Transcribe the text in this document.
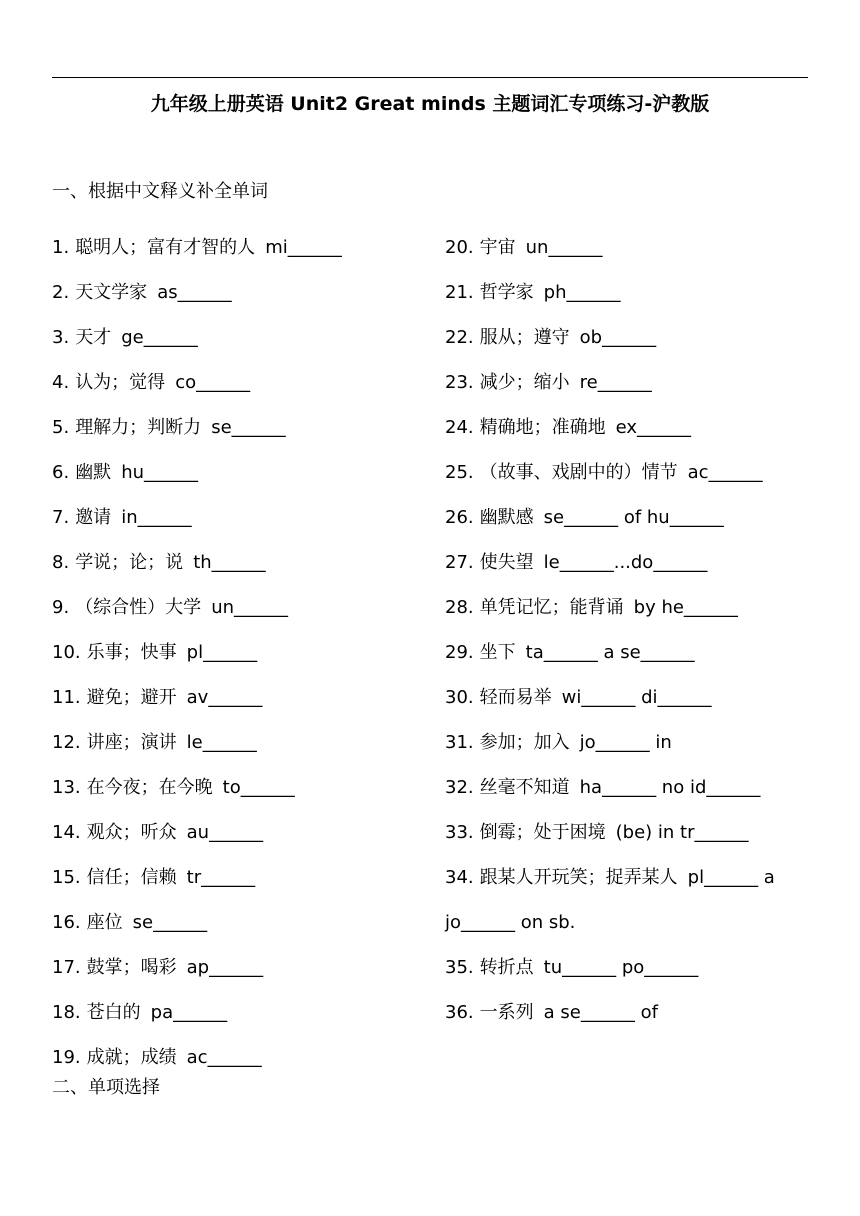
九年级上册英语 Unit2 Great minds 主题词汇专项练习-沪教版
一、根据中文释义补全单词
1. 聪明人；富有才智的人 mi______
2. 天文学家 as______
3. 天才 ge______
4. 认为；觉得 co______
5. 理解力；判断力 se______
6. 幽默 hu______
7. 邀请 in______
8. 学说；论；说 th______
9. （综合性）大学 un______
10. 乐事；快事 pl______
11. 避免；避开 av______
12. 讲座；演讲 le______
13. 在今夜；在今晚 to______
14. 观众；听众 au______
15. 信任；信赖 tr______
16. 座位 se______
17. 鼓掌；喝彩 ap______
18. 苍白的 pa______
19. 成就；成绩 ac______
20. 宇宙 un______
21. 哲学家 ph______
22. 服从；遵守 ob______
23. 减少；缩小 re______
24. 精确地；准确地 ex______
25. （故事、戏剧中的）情节 ac______
26. 幽默感 se______ of hu______
27. 使失望 le______...do______
28. 单凭记忆；能背诵 by he______
29. 坐下 ta______ a se______
30. 轻而易举 wi______ di______
31. 参加；加入 jo______ in
32. 丝毫不知道 ha______ no id______
33. 倒霉；处于困境 (be) in tr______
34. 跟某人开玩笑；捉弄某人 pl______ a jo______ on sb.
35. 转折点 tu______ po______
36. 一系列 a se______ of
二、单项选择
